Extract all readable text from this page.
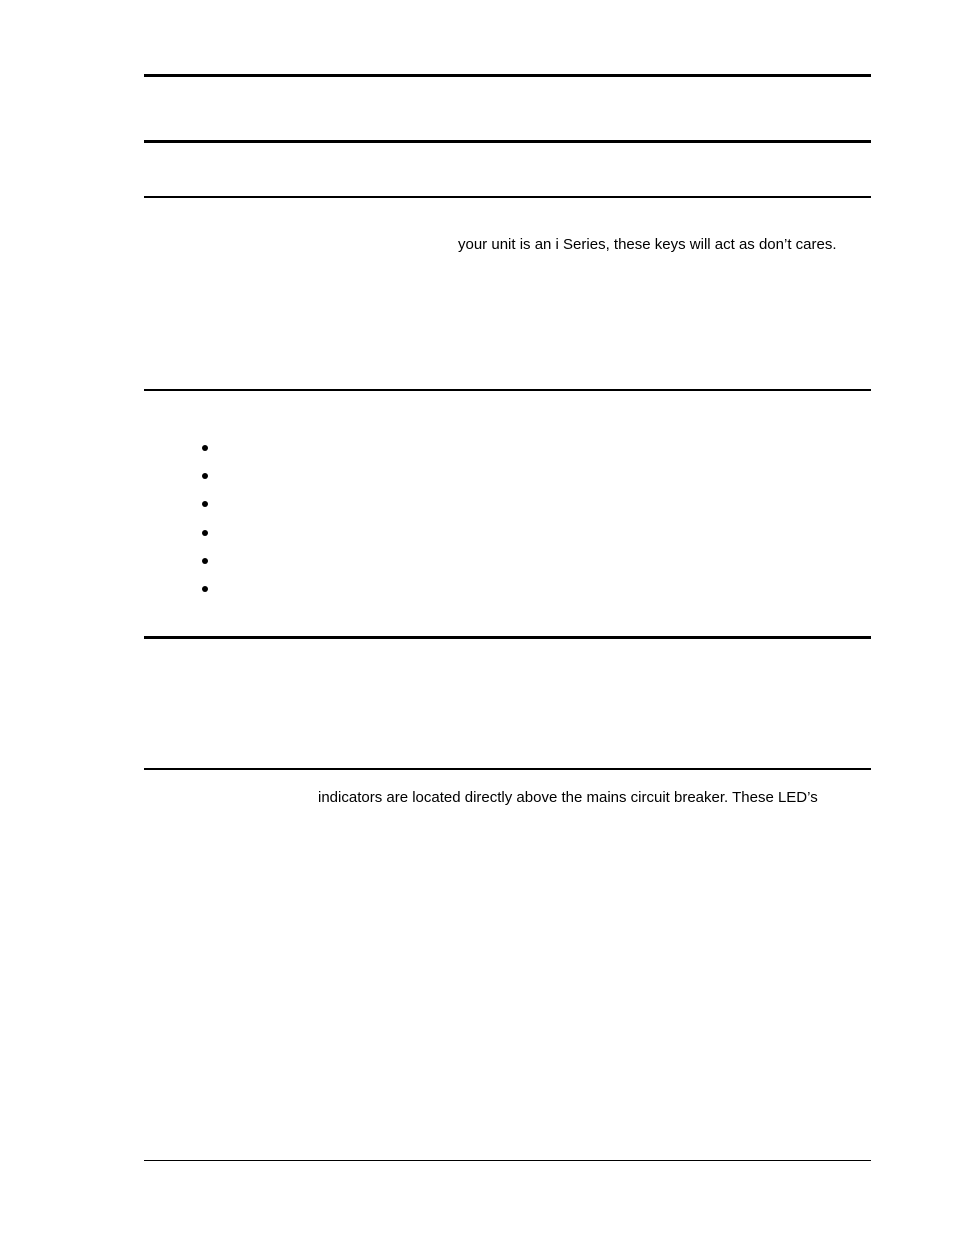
your unit is an i Series, these keys will act as don’t cares.
indicators are located directly above the mains circuit breaker. These LED’s
